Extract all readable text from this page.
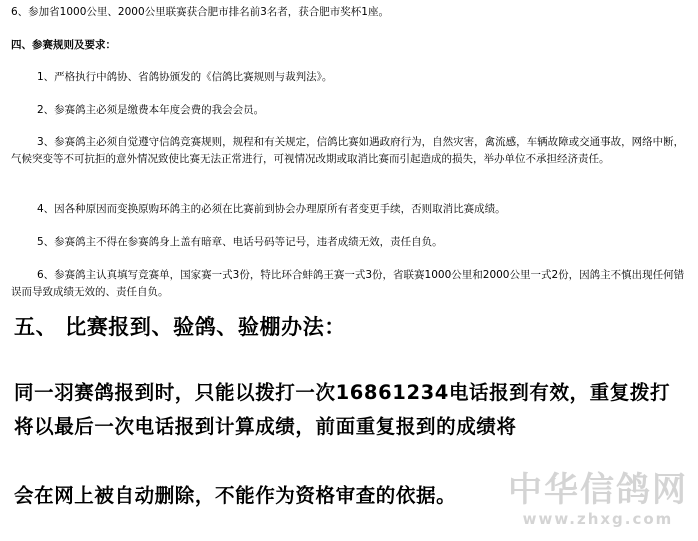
6、参加省1000公里、2000公里联赛获合肥市排名前3名者，获合肥市奖杯1座。

四、参赛规则及要求：

1、严格执行中鸽协、省鸽协颁发的《信鸽比赛规则与裁判法》。

2、参赛鸽主必须是缴费本年度会费的我会会员。

3、参赛鸽主必须自觉遵守信鸽竞赛规则，规程和有关规定，信鸽比赛如遇政府行为，自然灾害，禽流感，车辆故障或交通事故，网络中断，气候突变等不可抗拒的意外情况致使比赛无法正常进行，可视情况改期或取消比赛而引起造成的损失，举办单位不承担经济责任。

4、因各种原因而变换原购环鸽主的必须在比赛前到协会办理原所有者变更手续，否则取消比赛成绩。

5、参赛鸽主不得在参赛鸽身上盖有暗章、电话号码等记号，违者成绩无效，责任自负。

6、参赛鸽主认真填写竞赛单，国家赛一式3份，特比环合蚌鸽王赛一式3份，省联赛1000公里和2000公里一式2份，因鸽主不慎出现任何错误而导致成绩无效的、责任自负。

五、 比赛报到、验鸽、验棚办法：

同一羽赛鸽报到时，只能以拨打一次16861234电话报到有效，重复拨打将以最后一次电话报到计算成绩，前面重复报到的成绩将

会在网上被自动删除，不能作为资格审查的依据。 中华信鸽网
www.zhxg.com
